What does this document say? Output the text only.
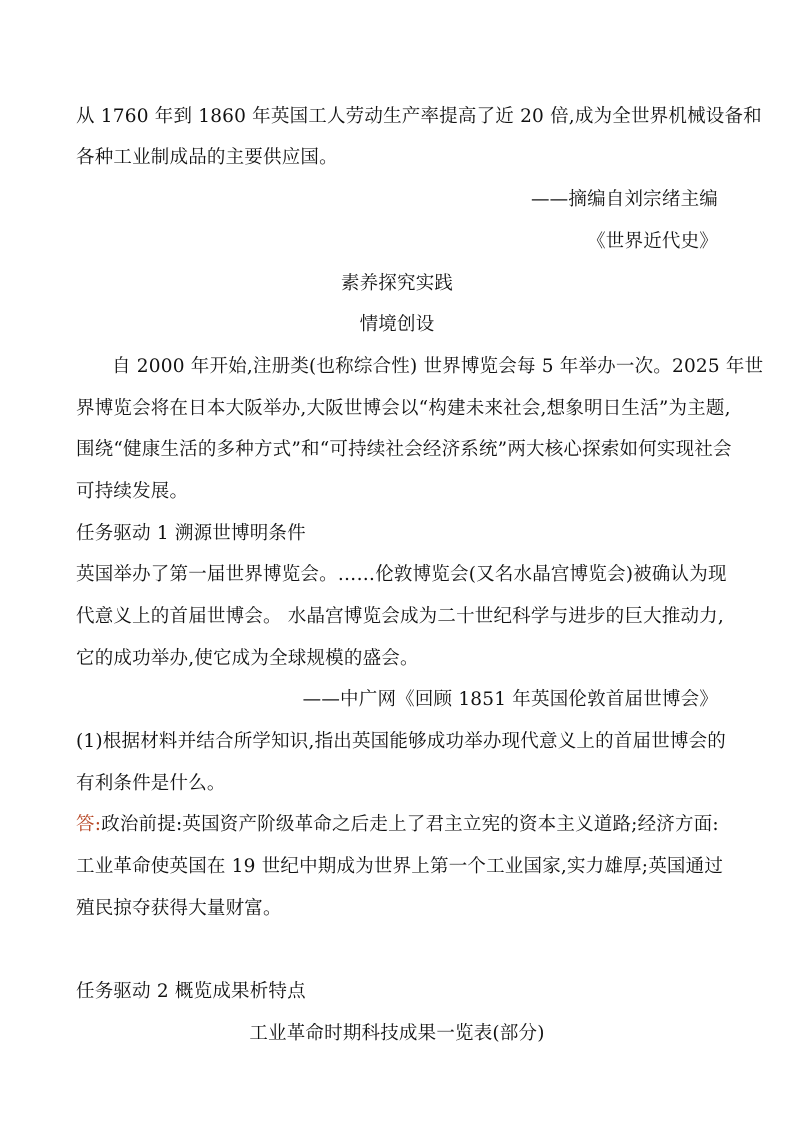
从 1760 年到 1860 年英国工人劳动生产率提高了近 20 倍,成为全世界机械设备和
各种工业制成品的主要供应国。
——摘编自刘宗绪主编
《世界近代史》
素养探究实践
情境创设
自 2000 年开始,注册类(也称综合性) 世界博览会每 5 年举办一次。2025 年世
界博览会将在日本大阪举办,大阪世博会以“构建未来社会,想象明日生活”为主题,
围绕“健康生活的多种方式”和“可持续社会经济系统”两大核心探索如何实现社会
可持续发展。
任务驱动 1 溯源世博明条件
英国举办了第一届世界博览会。……伦敦博览会(又名水晶宫博览会)被确认为现
代意义上的首届世博会。 水晶宫博览会成为二十世纪科学与进步的巨大推动力,
它的成功举办,使它成为全球规模的盛会。
——中广网《回顾 1851 年英国伦敦首届世博会》
(1)根据材料并结合所学知识,指出英国能够成功举办现代意义上的首届世博会的
有利条件是什么。
答:政治前提:英国资产阶级革命之后走上了君主立宪的资本主义道路;经济方面:
工业革命使英国在 19 世纪中期成为世界上第一个工业国家,实力雄厚;英国通过
殖民掠夺获得大量财富。
任务驱动 2 概览成果析特点
工业革命时期科技成果一览表(部分)
